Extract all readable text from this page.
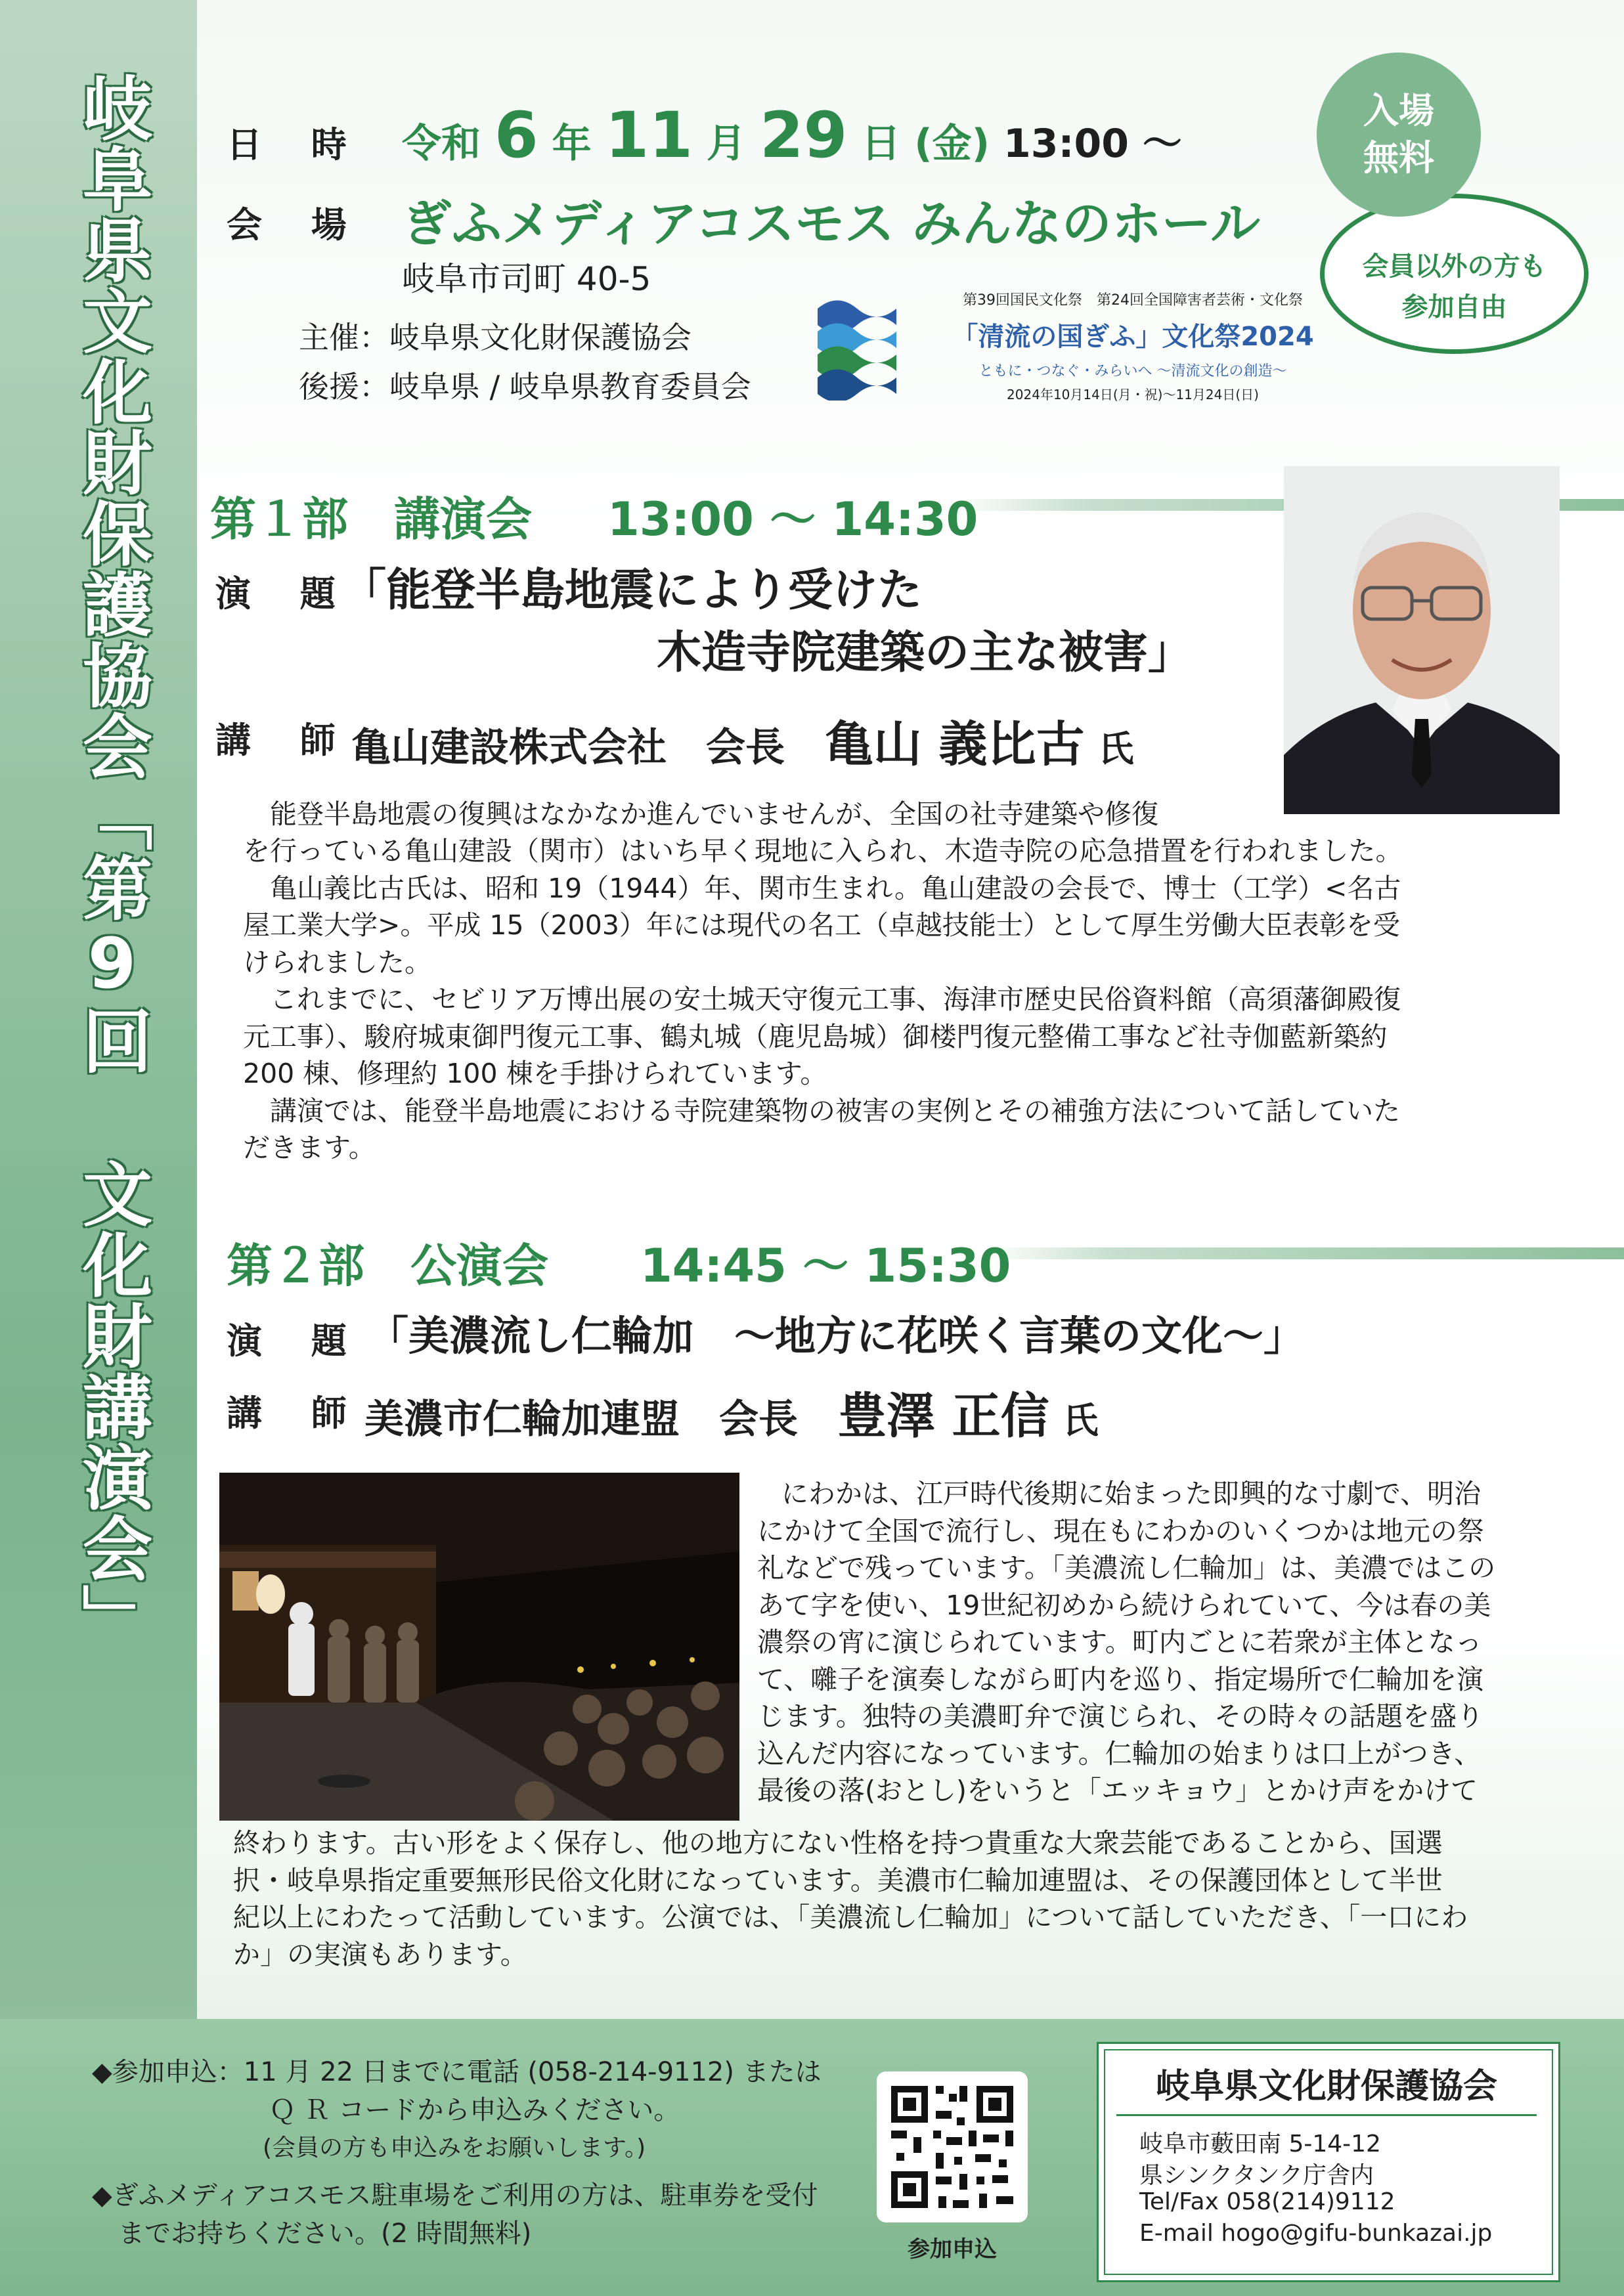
岐阜県文化財保護協会「第9回 文化財講演会」 日 時 令和 6 年 11 月 29 日 (金) 13:00 ～
会 場 ぎふメディアコスモス みんなのホール
岐阜市司町 40-5
主催：岐阜県文化財保護協会
後援：岐阜県 / 岐阜県教育委員会
会員以外の方も
参加自由
入場
無料
第39回国民文化祭　第24回全国障害者芸術・文化祭
「清流の国ぎふ」文化祭2024
ともに・つなぐ・みらいへ ～清流文化の創造～
2024年10月14日(月・祝)～11月24日(日)
第１部　講演会 13:00 ～ 14:30
演 題
「能登半島地震により受けた
木造寺院建築の主な被害」
講 師
亀山建設株式会社　会長 亀山 義比古 氏
能登半島地震の復興はなかなか進んでいませんが、全国の社寺建築や修復
を行っている亀山建設（関市）はいち早く現地に入られ、木造寺院の応急措置を行われました。
亀山義比古氏は、昭和 19（1944）年、関市生まれ。亀山建設の会長で、博士（工学）<名古
屋工業大学>。平成 15（2003）年には現代の名工（卓越技能士）として厚生労働大臣表彰を受
けられました。
これまでに、セビリア万博出展の安土城天守復元工事、海津市歴史民俗資料館（高須藩御殿復
元工事）、駿府城東御門復元工事、鶴丸城（鹿児島城）御楼門復元整備工事など社寺伽藍新築約
200 棟、修理約 100 棟を手掛けられています。
講演では、能登半島地震における寺院建築物の被害の実例とその補強方法について話していた
だきます。
第２部　公演会 14:45 ～ 15:30
演 題 「美濃流し仁輪加　～地方に花咲く言葉の文化～」
講 師 美濃市仁輪加連盟　会長 豊澤 正信 氏
にわかは、江戸時代後期に始まった即興的な寸劇で、明治
にかけて全国で流行し、現在もにわかのいくつかは地元の祭
礼などで残っています。「美濃流し仁輪加」は、美濃ではこの
あて字を使い、19世紀初めから続けられていて、今は春の美
濃祭の宵に演じられています。町内ごとに若衆が主体となっ
て、囃子を演奏しながら町内を巡り、指定場所で仁輪加を演
じます。独特の美濃町弁で演じられ、その時々の話題を盛り
込んだ内容になっています。仁輪加の始まりは口上がつき、
最後の落(おとし)をいうと「エッキョウ」とかけ声をかけて
終わります。古い形をよく保存し、他の地方にない性格を持つ貴重な大衆芸能であることから、国選
択・岐阜県指定重要無形民俗文化財になっています。美濃市仁輪加連盟は、その保護団体として半世
紀以上にわたって活動しています。公演では、「美濃流し仁輪加」について話していただき、「一口にわ
か」の実演もあります。
◆参加申込：11 月 22 日までに電話 (058-214-9112) または
Ｑ Ｒ コードから申込みください。
(会員の方も申込みをお願いします。)
◆ぎふメディアコスモス駐車場をご利用の方は、駐車券を受付
までお持ちください。(2 時間無料)
参加申込
岐阜県文化財保護協会
岐阜市藪田南 5-14-12
県シンクタンク庁舎内
Tel/Fax 058(214)9112
E-mail hogo@gifu-bunkazai.jp
